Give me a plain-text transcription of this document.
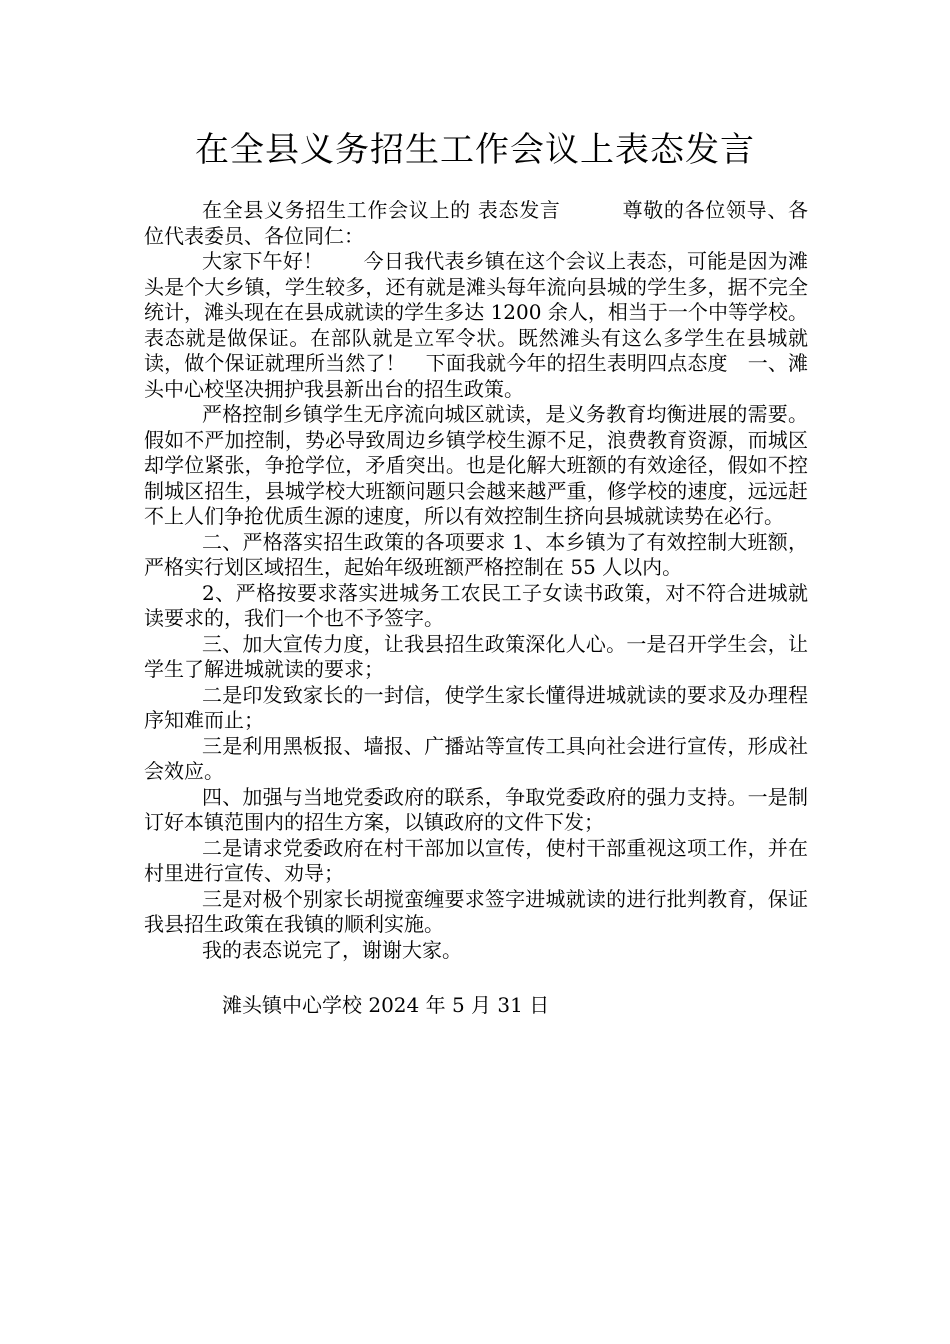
在全县义务招生工作会议上表态发言

在全县义务招生工作会议上的 表态发言　　　尊敬的各位领导、各位代表委员、各位同仁：

大家下午好！　　今日我代表乡镇在这个会议上表态，可能是因为滩头是个大乡镇，学生较多，还有就是滩头每年流向县城的学生多，据不完全统计，滩头现在在县成就读的学生多达 1200 余人，相当于一个中等学校。表态就是做保证。在部队就是立军令状。既然滩头有这么多学生在县城就读，做个保证就理所当然了！　下面我就今年的招生表明四点态度　一、滩头中心校坚决拥护我县新出台的招生政策。

严格控制乡镇学生无序流向城区就读，是义务教育均衡进展的需要。假如不严加控制，势必导致周边乡镇学校生源不足，浪费教育资源，而城区却学位紧张，争抢学位，矛盾突出。也是化解大班额的有效途径，假如不控制城区招生，县城学校大班额问题只会越来越严重，修学校的速度，远远赶不上人们争抢优质生源的速度，所以有效控制生挤向县城就读势在必行。

二、严格落实招生政策的各项要求 1、本乡镇为了有效控制大班额，严格实行划区域招生，起始年级班额严格控制在 55 人以内。

2、严格按要求落实进城务工农民工子女读书政策，对不符合进城就读要求的，我们一个也不予签字。

三、加大宣传力度，让我县招生政策深化人心。一是召开学生会，让学生了解进城就读的要求；

二是印发致家长的一封信，使学生家长懂得进城就读的要求及办理程序知难而止；

三是利用黑板报、墙报、广播站等宣传工具向社会进行宣传，形成社会效应。

四、加强与当地党委政府的联系，争取党委政府的强力支持。一是制订好本镇范围内的招生方案，以镇政府的文件下发；

二是请求党委政府在村干部加以宣传，使村干部重视这项工作，并在村里进行宣传、劝导；

三是对极个别家长胡搅蛮缠要求签字进城就读的进行批判教育，保证我县招生政策在我镇的顺利实施。

我的表态说完了，谢谢大家。

滩头镇中心学校 2024 年 5 月 31 日
